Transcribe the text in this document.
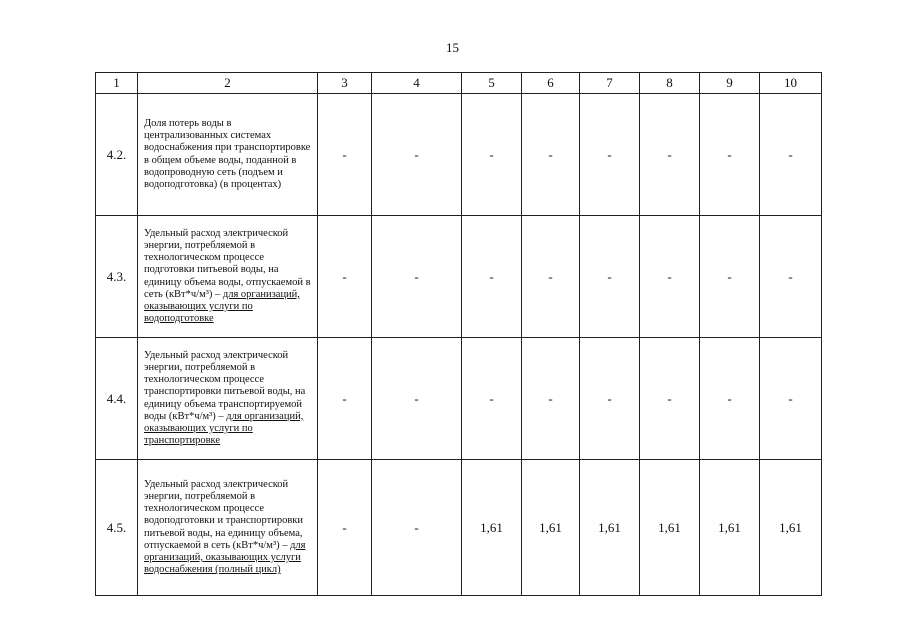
15
1	2	3	4	5	6	7	8	9	10
4.2.	Доля потерь воды в централизованных системах водоснабжения при транспортировке в общем объеме воды, поданной в водопроводную сеть (подъем и водоподготовка) (в процентах)	-	-	-	-	-	-	-	-
4.3.	Удельный расход электрической энергии, потребляемой в технологическом процессе подготовки питьевой воды, на единицу объема воды, отпускаемой в сеть (кВт*ч/м³) – для организаций, оказывающих услуги по водоподготовке	-	-	-	-	-	-	-	-
4.4.	Удельный расход электрической энергии, потребляемой в технологическом процессе транспортировки питьевой воды, на единицу объема транспортируемой воды (кВт*ч/м³) – для организаций, оказывающих услуги по транспортировке	-	-	-	-	-	-	-	-
4.5.	Удельный расход электрической энергии, потребляемой в технологическом процессе водоподготовки и транспортировки питьевой воды, на единицу объема, отпускаемой в сеть (кВт*ч/м³) – для организаций, оказывающих услуги водоснабжения (полный цикл)	-	-	1,61	1,61	1,61	1,61	1,61	1,61
